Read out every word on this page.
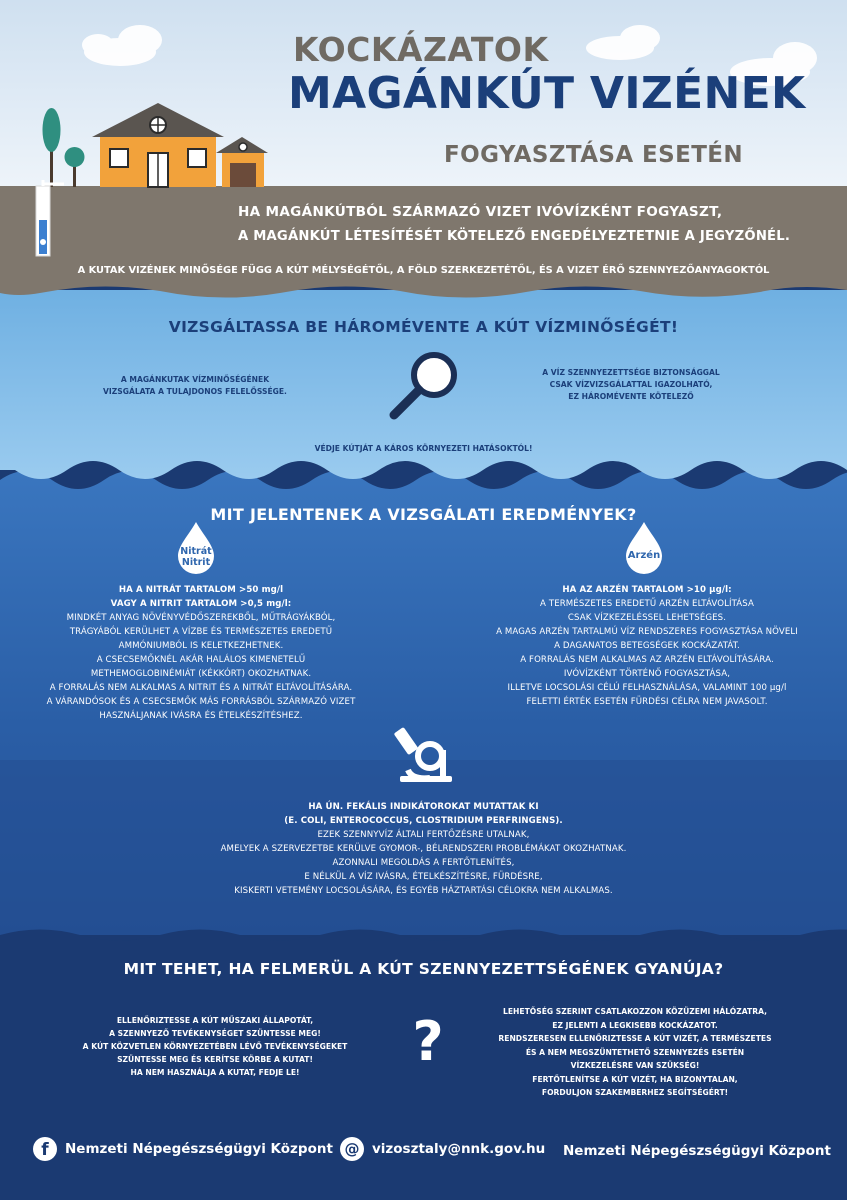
KOCKÁZATOK
MAGÁNKÚT VIZÉNEK
FOGYASZTÁSA ESETÉN
HA MAGÁNKÚTBÓL SZÁRMAZÓ VIZET IVÓVÍZKÉNT FOGYASZT,
A MAGÁNKÚT LÉTESÍTÉSÉT KÖTELEZŐ ENGEDÉLYEZTETNIE A JEGYZŐNÉL.
A KUTAK VIZÉNEK MINŐSÉGE FÜGG A KÚT MÉLYSÉGÉTŐL, A FÖLD SZERKEZETÉTŐL, ÉS A VIZET ÉRŐ SZENNYEZŐANYAGOKTÓL
VIZSGÁLTASSA BE HÁROMÉVENTE A KÚT VÍZMINŐSÉGÉT!
A MAGÁNKUTAK VÍZMINŐSÉGÉNEK
VIZSGÁLATA A TULAJDONOS FELELŐSSÉGE.
A VÍZ SZENNYEZETTSÉGE BIZTONSÁGGAL
CSAK VÍZVIZSGÁLATTAL IGAZOLHATÓ,
EZ HÁROMÉVENTE KÖTELEZŐ
VÉDJE KÚTJÁT A KÁROS KÖRNYEZETI HATÁSOKTÓL!
MIT JELENTENEK A VIZSGÁLATI EREDMÉNYEK?
Nitrát
Nitrit
Arzén
HA A NITRÁT TARTALOM >50 mg/l
VAGY A NITRIT TARTALOM >0,5 mg/l:
MINDKÉT ANYAG NÖVÉNYVÉDŐSZEREKBŐL, MŰTRÁGYÁKBÓL,
TRÁGYÁBÓL KERÜLHET A VÍZBE ÉS TERMÉSZETES EREDETŰ
AMMÓNIUMBÓL IS KELETKEZHETNEK.
A CSECSEMŐKNÉL AKÁR HALÁLOS KIMENETELŰ
METHEMOGLOBINÉMIÁT (KÉKKÓRT) OKOZHATNAK.
A FORRALÁS NEM ALKALMAS A NITRIT ÉS A NITRÁT ELTÁVOLÍTÁSÁRA.
A VÁRANDÓSOK ÉS A CSECSEMŐK MÁS FORRÁSBÓL SZÁRMAZÓ VIZET
HASZNÁLJANAK IVÁSRA ÉS ÉTELKÉSZÍTÉSHEZ.
HA AZ ARZÉN TARTALOM >10 µg/l:
A TERMÉSZETES EREDETŰ ARZÉN ELTÁVOLÍTÁSA
CSAK VÍZKEZELÉSSEL LEHETSÉGES.
A MAGAS ARZÉN TARTALMÚ VÍZ RENDSZERES FOGYASZTÁSA NÖVELI
A DAGANATOS BETEGSÉGEK KOCKÁZATÁT.
A FORRALÁS NEM ALKALMAS AZ ARZÉN ELTÁVOLÍTÁSÁRA.
IVÓVÍZKÉNT TÖRTÉNŐ FOGYASZTÁSA,
ILLETVE LOCSOLÁSI CÉLÚ FELHASZNÁLÁSA, VALAMINT 100 µg/l
FELETTI ÉRTÉK ESETÉN FÜRDÉSI CÉLRA NEM JAVASOLT.
HA ÚN. FEKÁLIS INDIKÁTOROKAT MUTATTAK KI
(E. COLI, ENTEROCOCCUS, CLOSTRIDIUM PERFRINGENS).
EZEK SZENNYVÍZ ÁLTALI FERTŐZÉSRE UTALNAK,
AMELYEK A SZERVEZETBE KERÜLVE GYOMOR-, BÉLRENDSZERI PROBLÉMÁKAT OKOZHATNAK.
AZONNALI MEGOLDÁS A FERTŐTLENÍTÉS,
E NÉLKÜL A VÍZ IVÁSRA, ÉTELKÉSZÍTÉSRE, FÜRDÉSRE,
KISKERTI VETEMÉNY LOCSOLÁSÁRA, ÉS EGYÉB HÁZTARTÁSI CÉLOKRA NEM ALKALMAS.
MIT TEHET, HA FELMERÜL A KÚT SZENNYEZETTSÉGÉNEK GYANÚJA?
ELLENŐRIZTESSE A KÚT MŰSZAKI ÁLLAPOTÁT,
A SZENNYEZŐ TEVÉKENYSÉGET SZÜNTESSE MEG!
A KÚT KÖZVETLEN KÖRNYEZETÉBEN LÉVŐ TEVÉKENYSÉGEKET
SZÜNTESSE MEG ÉS KERÍTSE KÖRBE A KUTAT!
HA NEM HASZNÁLJA A KUTAT, FEDJE LE!	?	LEHETŐSÉG SZERINT CSATLAKOZZON KÖZÜZEMI HÁLÓZATRA,
EZ JELENTI A LEGKISEBB KOCKÁZATOT.
RENDSZERESEN ELLENŐRIZTESSE A KÚT VIZÉT, A TERMÉSZETES
ÉS A NEM MEGSZÜNTETHETŐ SZENNYEZÉS ESETÉN
VÍZKEZELÉSRE VAN SZÜKSÉG!
FERTŐTLENÍTSE A KÚT VIZÉT, HA BIZONYTALAN,
FORDULJON SZAKEMBERHEZ SEGÍTSÉGÉRT!
f	Nemzeti Népegészségügyi Központ @ vizosztaly@nnk.gov.hu Nemzeti Népegészségügyi Központ
